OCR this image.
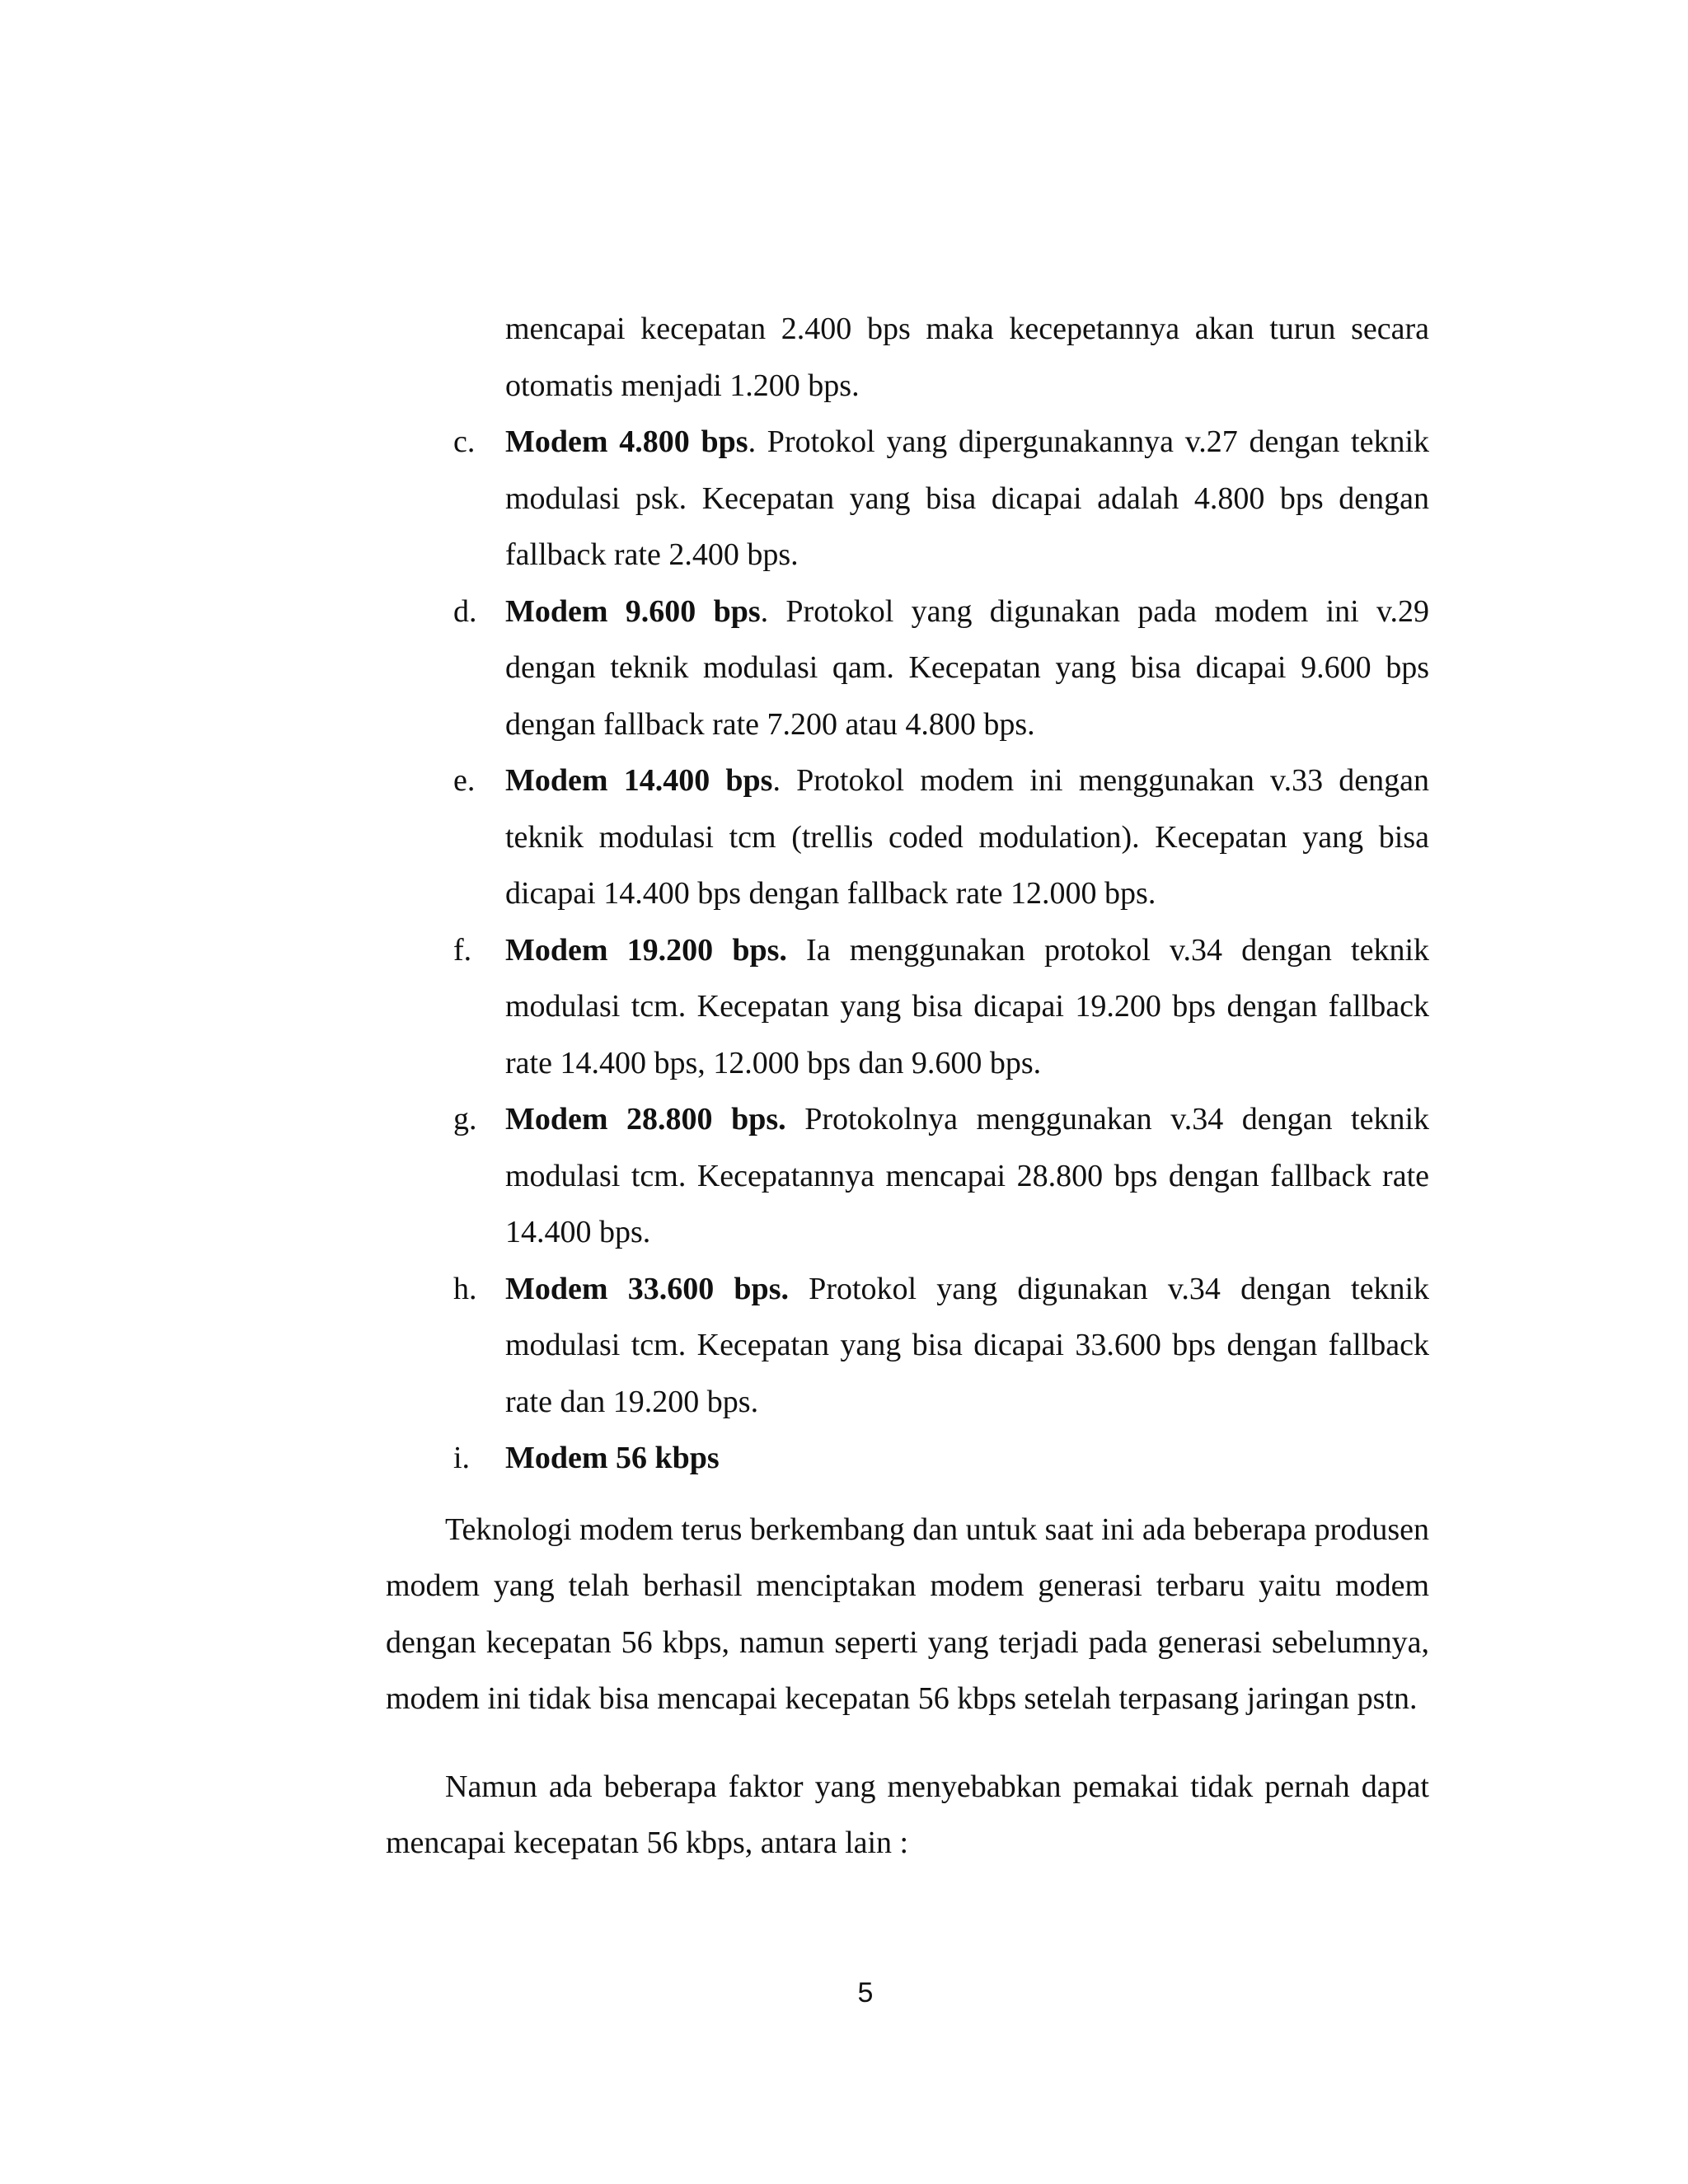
mencapai kecepatan 2.400 bps maka kecepetannya akan turun secara otomatis menjadi 1.200 bps.
c. Modem 4.800 bps. Protokol yang dipergunakannya v.27 dengan teknik modulasi psk. Kecepatan yang bisa dicapai adalah 4.800 bps dengan fallback rate 2.400 bps.
d. Modem 9.600 bps. Protokol yang digunakan pada modem ini v.29 dengan teknik modulasi qam. Kecepatan yang bisa dicapai 9.600 bps dengan fallback rate 7.200 atau 4.800 bps.
e. Modem 14.400 bps. Protokol modem ini menggunakan v.33 dengan teknik modulasi tcm (trellis coded modulation). Kecepatan yang bisa dicapai 14.400 bps dengan fallback rate 12.000 bps.
f. Modem 19.200 bps. Ia menggunakan protokol v.34 dengan teknik modulasi tcm. Kecepatan yang bisa dicapai 19.200 bps dengan fallback rate 14.400 bps, 12.000 bps dan 9.600 bps.
g. Modem 28.800 bps. Protokolnya menggunakan v.34 dengan teknik modulasi tcm. Kecepatannya mencapai 28.800 bps dengan fallback rate 14.400 bps.
h. Modem 33.600 bps. Protokol yang digunakan v.34 dengan teknik modulasi tcm. Kecepatan yang bisa dicapai 33.600 bps dengan fallback rate dan 19.200 bps.
i. Modem 56 kbps

Teknologi modem terus berkembang dan untuk saat ini ada beberapa produsen modem yang telah berhasil menciptakan modem generasi terbaru yaitu modem dengan kecepatan 56 kbps, namun seperti yang terjadi pada generasi sebelumnya, modem ini tidak bisa mencapai kecepatan 56 kbps setelah terpasang jaringan pstn.

Namun ada beberapa faktor yang menyebabkan pemakai tidak pernah dapat mencapai kecepatan 56 kbps, antara lain :

5
